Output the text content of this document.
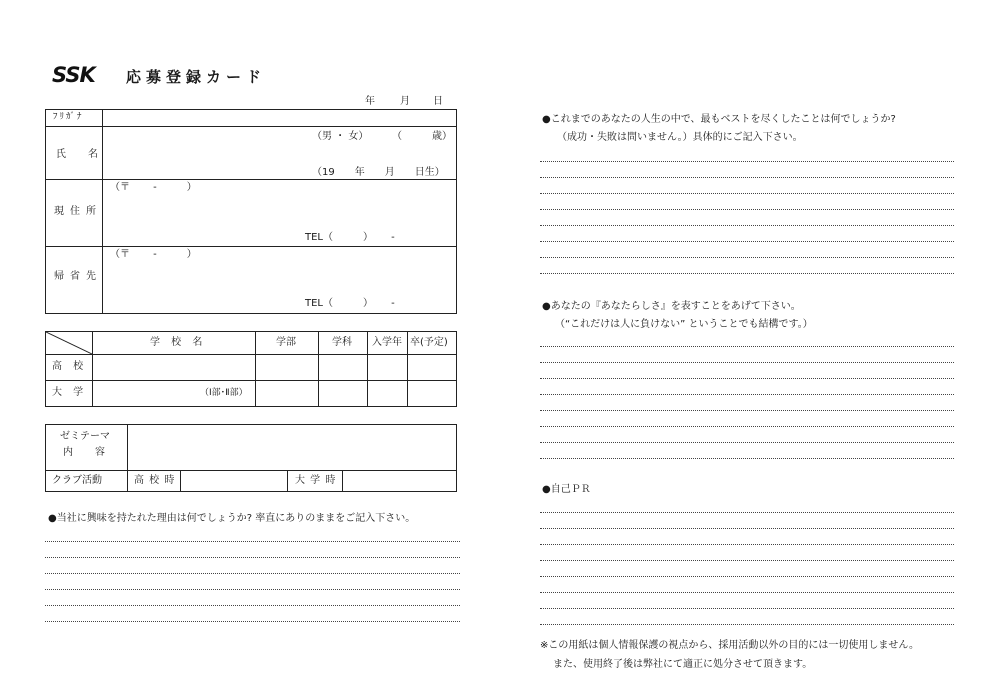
SSK 応募登録カード
年	月 日
ﾌﾘｶﾞﾅ
氏　名
（男 ・ 女） （　　　歳）
（19　　年　　月　　日生）
現住所
（〒　　 -　　　）
TEL（　　　）　　 -
帰省先
（〒　　 -　　　）
TEL（　　　）　　 -
学 校 名	学部	学科 入学年 卒(予定)
高 校
大 学	（Ⅰ部･Ⅱ部）
ゼミテーマ
内　容
クラブ活動	高 校 時	大 学 時
●当社に興味を持たれた理由は何でしょうか? 率直にありのままをご記入下さい。
●これまでのあなたの人生の中で、最もベストを尽くしたことは何でしょうか?
（成功・失敗は問いません。）具体的にご記入下さい。
●あなたの『あなたらしさ』を表すことをあげて下さい。
（“これだけは人に負けない” ということでも結構です。）
●自己ＰＲ
※この用紙は個人情報保護の視点から、採用活動以外の目的には一切使用しません。
また、使用終了後は弊社にて適正に処分させて頂きます。
